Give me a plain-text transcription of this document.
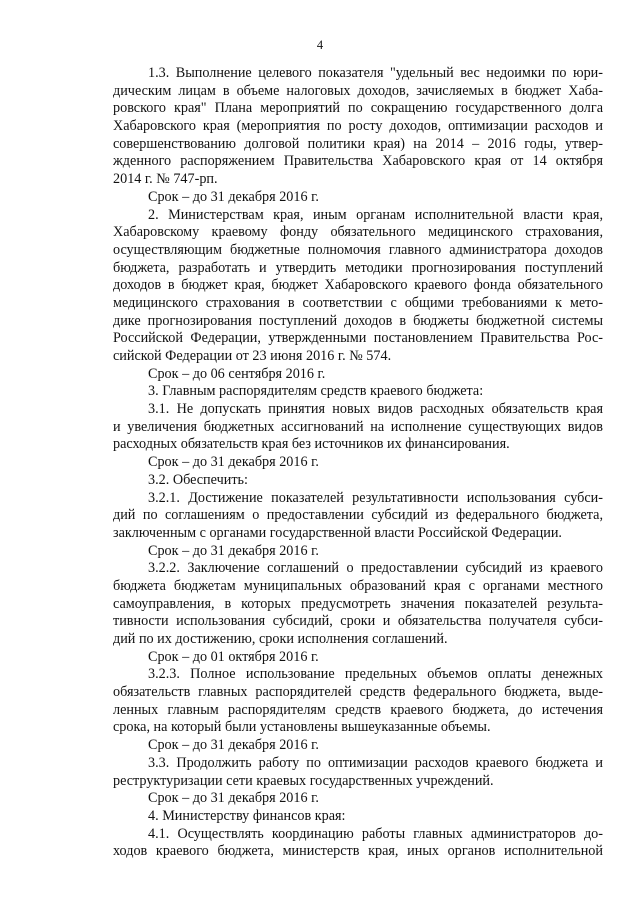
4
1.3. Выполнение целевого показателя "удельный вес недоимки по юри-
дическим лицам в объеме налоговых доходов, зачисляемых в бюджет Хаба-
ровского края" Плана мероприятий по сокращению государственного долга
Хабаровского края (мероприятия по росту доходов, оптимизации расходов и
совершенствованию долговой политики края) на 2014 – 2016 годы, утвер-
жденного распоряжением Правительства Хабаровского края от 14 октября
2014 г. № 747-рп.
Срок – до 31 декабря 2016 г.
2. Министерствам края, иным органам исполнительной власти края,
Хабаровскому краевому фонду обязательного медицинского страхования,
осуществляющим бюджетные полномочия главного администратора доходов
бюджета, разработать и утвердить методики прогнозирования поступлений
доходов в бюджет края, бюджет Хабаровского краевого фонда обязательного
медицинского страхования в соответствии с общими требованиями к мето-
дике прогнозирования поступлений доходов в бюджеты бюджетной системы
Российской Федерации, утвержденными постановлением Правительства Рос-
сийской Федерации от 23 июня 2016 г. № 574.
Срок – до 06 сентября 2016 г.
3. Главным распорядителям средств краевого бюджета:
3.1. Не допускать принятия новых видов расходных обязательств края
и увеличения бюджетных ассигнований на исполнение существующих видов
расходных обязательств края без источников их финансирования.
Срок – до 31 декабря 2016 г.
3.2. Обеспечить:
3.2.1. Достижение показателей результативности использования субси-
дий по соглашениям о предоставлении субсидий из федерального бюджета,
заключенным с органами государственной власти Российской Федерации.
Срок – до 31 декабря 2016 г.
3.2.2. Заключение соглашений о предоставлении субсидий из краевого
бюджета бюджетам муниципальных образований края с органами местного
самоуправления, в которых предусмотреть значения показателей результа-
тивности использования субсидий, сроки и обязательства получателя субси-
дий по их достижению, сроки исполнения соглашений.
Срок – до 01 октября 2016 г.
3.2.3. Полное использование предельных объемов оплаты денежных
обязательств главных распорядителей средств федерального бюджета, выде-
ленных главным распорядителям средств краевого бюджета, до истечения
срока, на который были установлены вышеуказанные объемы.
Срок – до 31 декабря 2016 г.
3.3. Продолжить работу по оптимизации расходов краевого бюджета и
реструктуризации сети краевых государственных учреждений.
Срок – до 31 декабря 2016 г.
4. Министерству финансов края:
4.1. Осуществлять координацию работы главных администраторов до-
ходов краевого бюджета, министерств края, иных органов исполнительной
